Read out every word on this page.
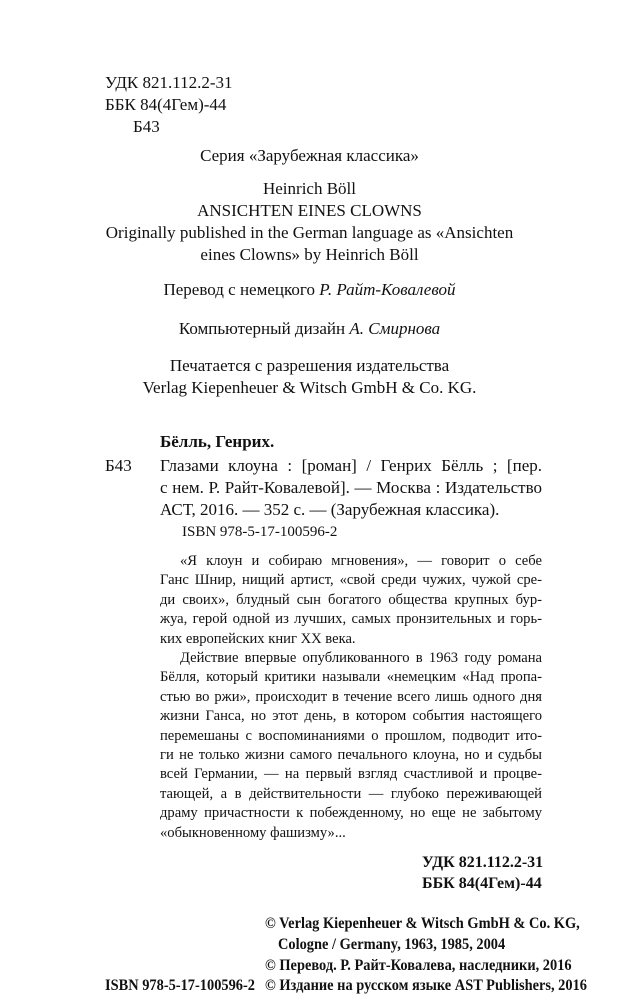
УДК 821.112.2-31
ББК 84(4Гем)-44
Б43
Серия «Зарубежная классика»
Heinrich Böll
ANSICHTEN EINES CLOWNS
Originally published in the German language as «Ansichten
eines Clowns» by Heinrich Böll
Перевод с немецкого Р. Райт-Ковалевой
Компьютерный дизайн А. Смирнова
Печатается с разрешения издательства
Verlag Kiepenheuer & Witsch GmbH & Co. KG.
Бёлль, Генрих.
Б43 Глазами клоуна : [роман] / Генрих Бёлль ; [пер.
с нем. Р. Райт-Ковалевой]. — Москва : Издательство
АСТ, 2016. — 352 с. — (Зарубежная классика).
ISBN 978-5-17-100596-2
«Я клоун и собираю мгновения», — говорит о себе
Ганс Шнир, нищий артист, «свой среди чужих, чужой сре-
ди своих», блудный сын богатого общества крупных бур-
жуа, герой одной из лучших, самых пронзительных и горь-
ких европейских книг XX века.
Действие впервые опубликованного в 1963 году романа
Бёлля, который критики называли «немецким «Над пропа-
стью во ржи», происходит в течение всего лишь одного дня
жизни Ганса, но этот день, в котором события настоящего
перемешаны с воспоминаниями о прошлом, подводит ито-
ги не только жизни самого печального клоуна, но и судьбы
всей Германии, — на первый взгляд счастливой и процве-
тающей, а в действительности — глубоко переживающей
драму причастности к побежденному, но еще не забытому
«обыкновенному фашизму»...
УДК 821.112.2-31
ББК 84(4Гем)-44
© Verlag Kiepenheuer & Witsch GmbH & Co. KG,
Cologne / Germany, 1963, 1985, 2004
© Перевод. Р. Райт-Ковалева, наследники, 2016
ISBN 978-5-17-100596-2 © Издание на русском языке AST Publishers, 2016
